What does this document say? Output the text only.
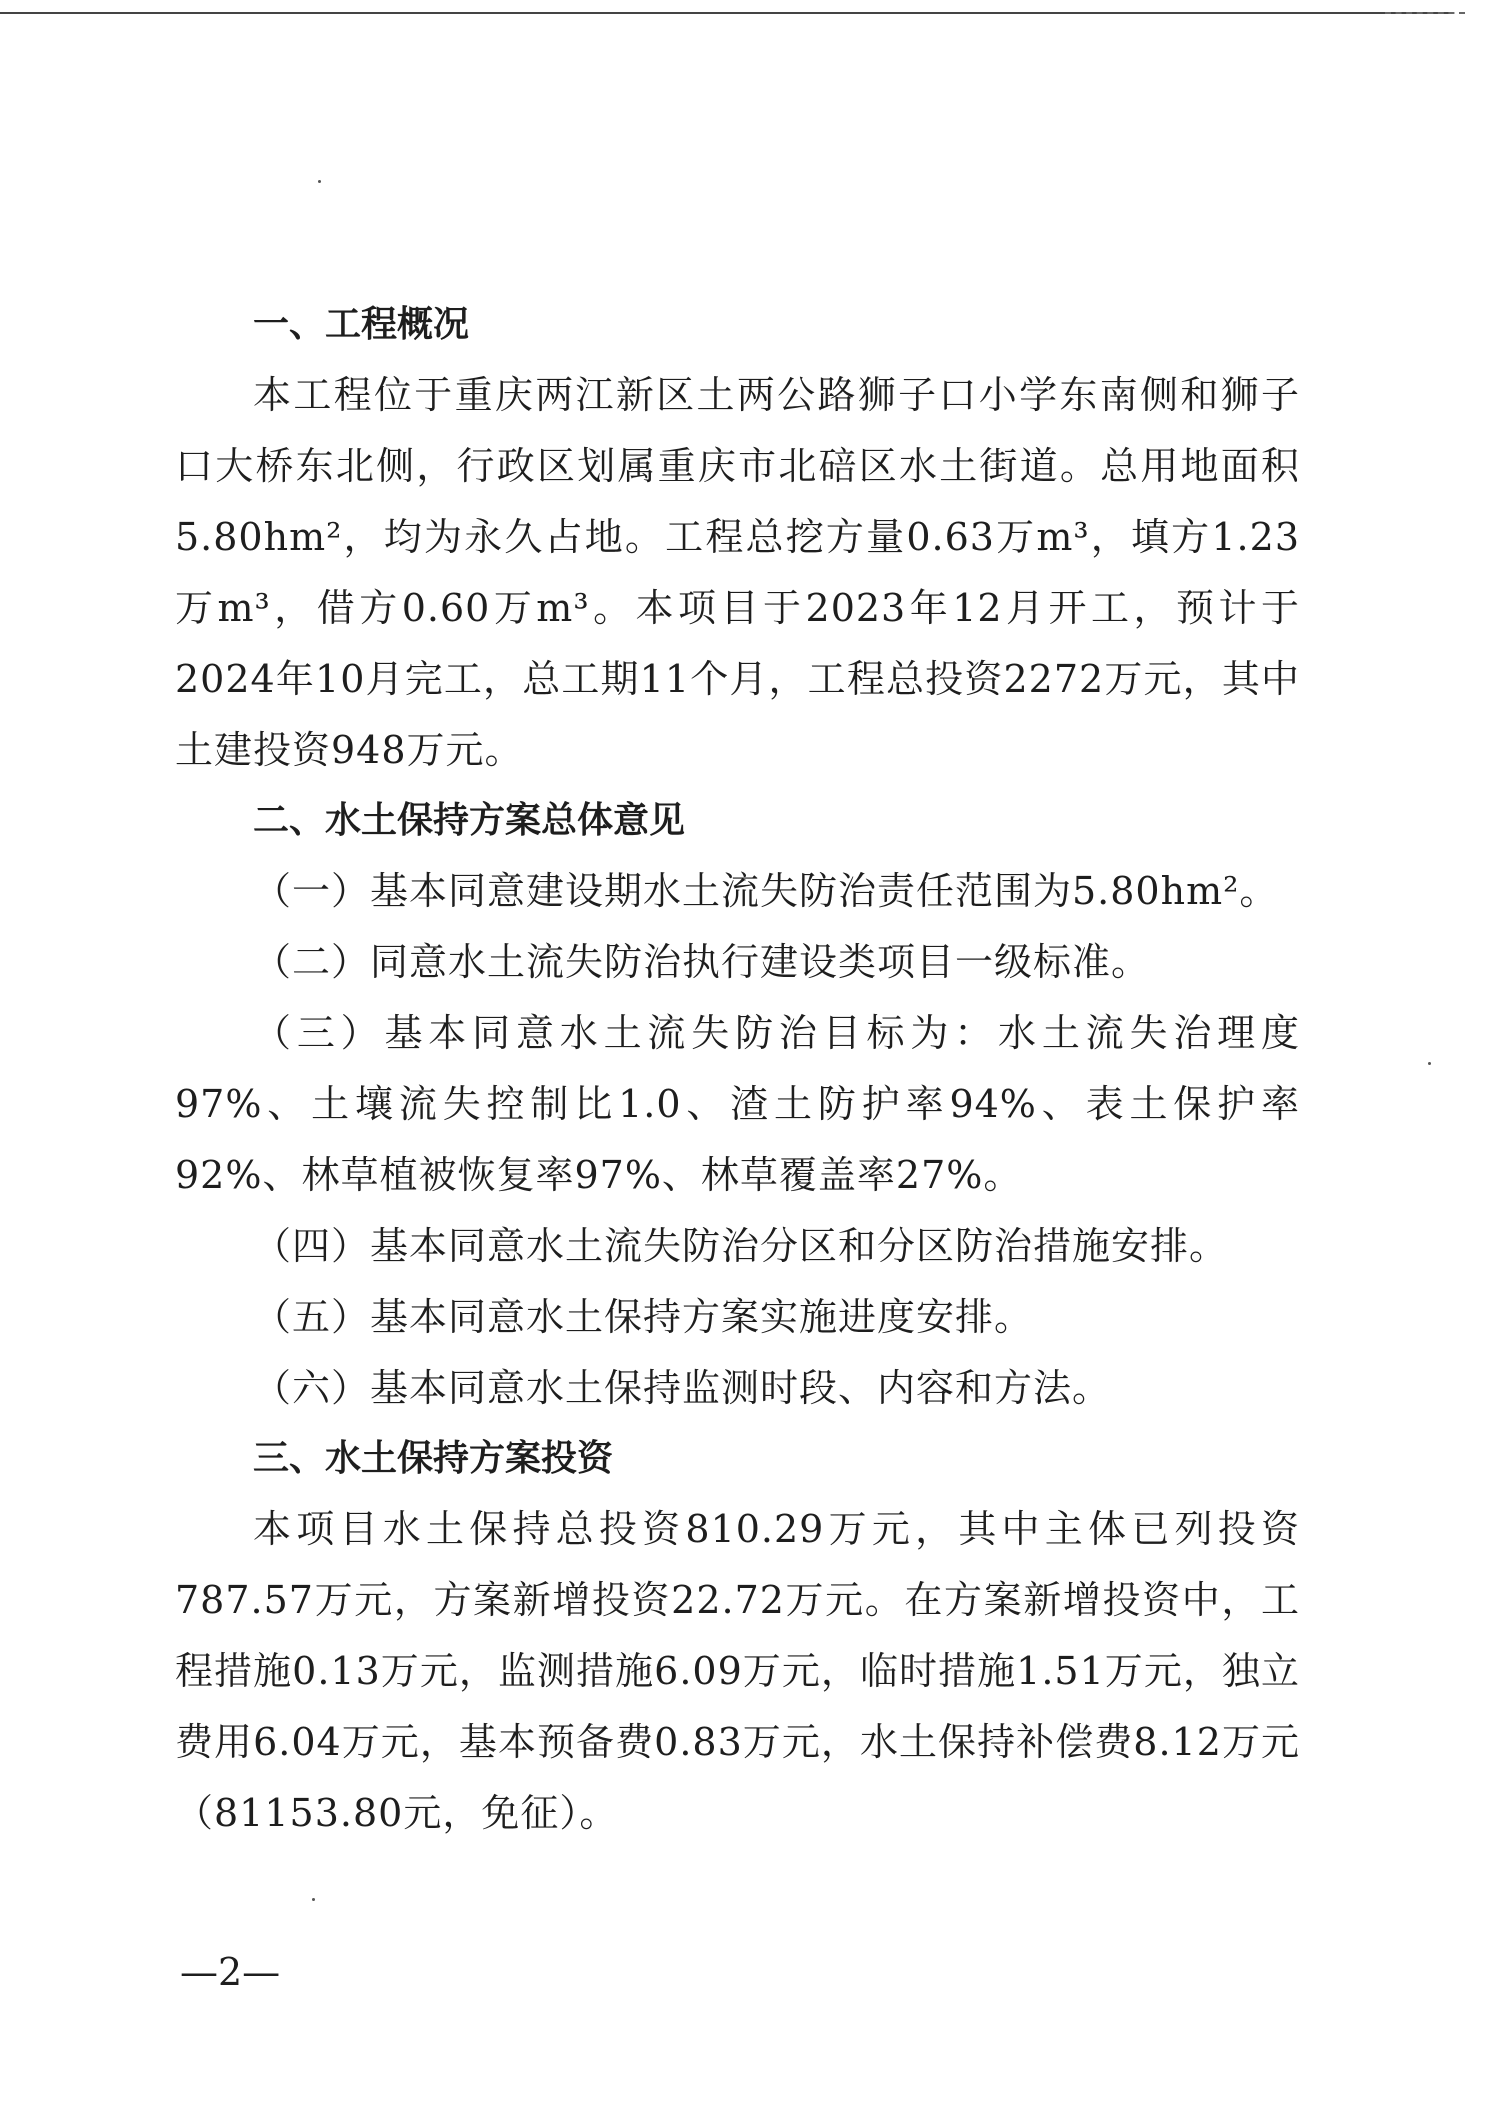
一、工程概况

本工程位于重庆两江新区土两公路狮子口小学东南侧和狮子口大桥东北侧，行政区划属重庆市北碚区水土街道。总用地面积5.80hm²，均为永久占地。工程总挖方量0.63万m³，填方1.23万m³，借方0.60万m³。本项目于2023年12月开工，预计于2024年10月完工，总工期11个月，工程总投资2272万元，其中土建投资948万元。

二、水土保持方案总体意见

（一）基本同意建设期水土流失防治责任范围为5.80hm²。

（二）同意水土流失防治执行建设类项目一级标准。

（三）基本同意水土流失防治目标为：水土流失治理度97%、土壤流失控制比1.0、渣土防护率94%、表土保护率92%、林草植被恢复率97%、林草覆盖率27%。

（四）基本同意水土流失防治分区和分区防治措施安排。

（五）基本同意水土保持方案实施进度安排。

（六）基本同意水土保持监测时段、内容和方法。

三、水土保持方案投资

本项目水土保持总投资810.29万元，其中主体已列投资787.57万元，方案新增投资22.72万元。在方案新增投资中，工程措施0.13万元，监测措施6.09万元，临时措施1.51万元，独立费用6.04万元，基本预备费0.83万元，水土保持补偿费8.12万元（81153.80元，免征）。

—2—
